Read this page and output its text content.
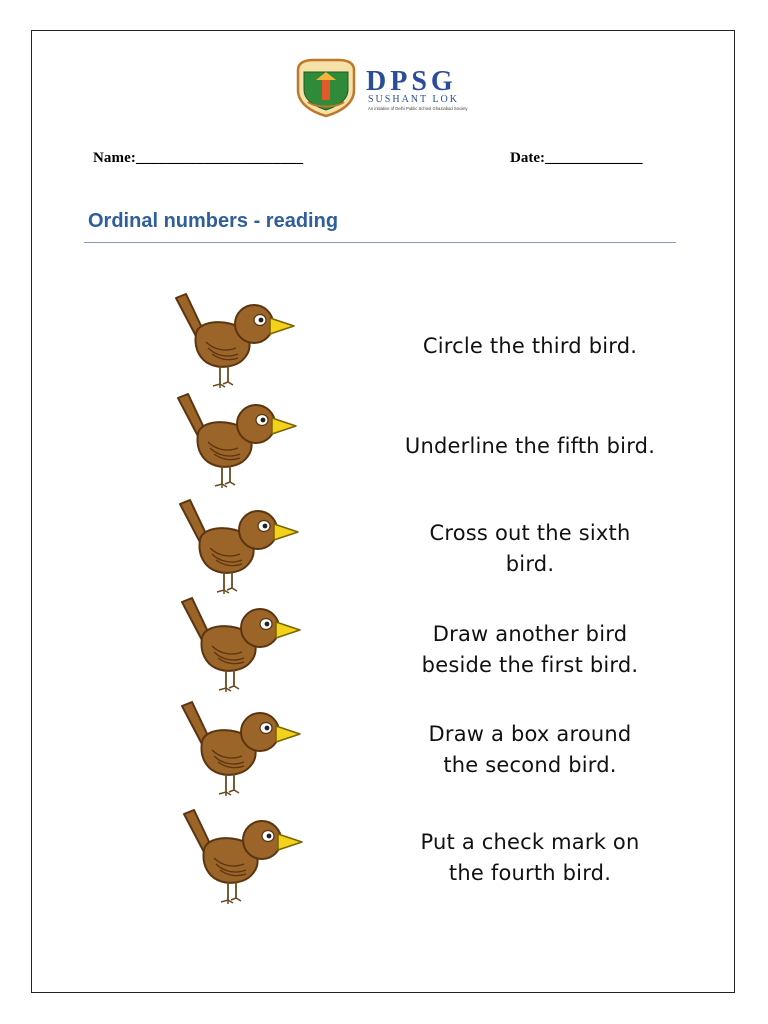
DPSG
SUSHANT LOK
An initiative of Delhi Public School Ghaziabad Society
Name:______________________	Date:_____________
Ordinal numbers - reading
Circle the third bird.
Underline the fifth bird.
Cross out the sixth
bird.
Draw another bird
beside the first bird.
Draw a box around
the second bird.
Put a check mark on
the fourth bird.
